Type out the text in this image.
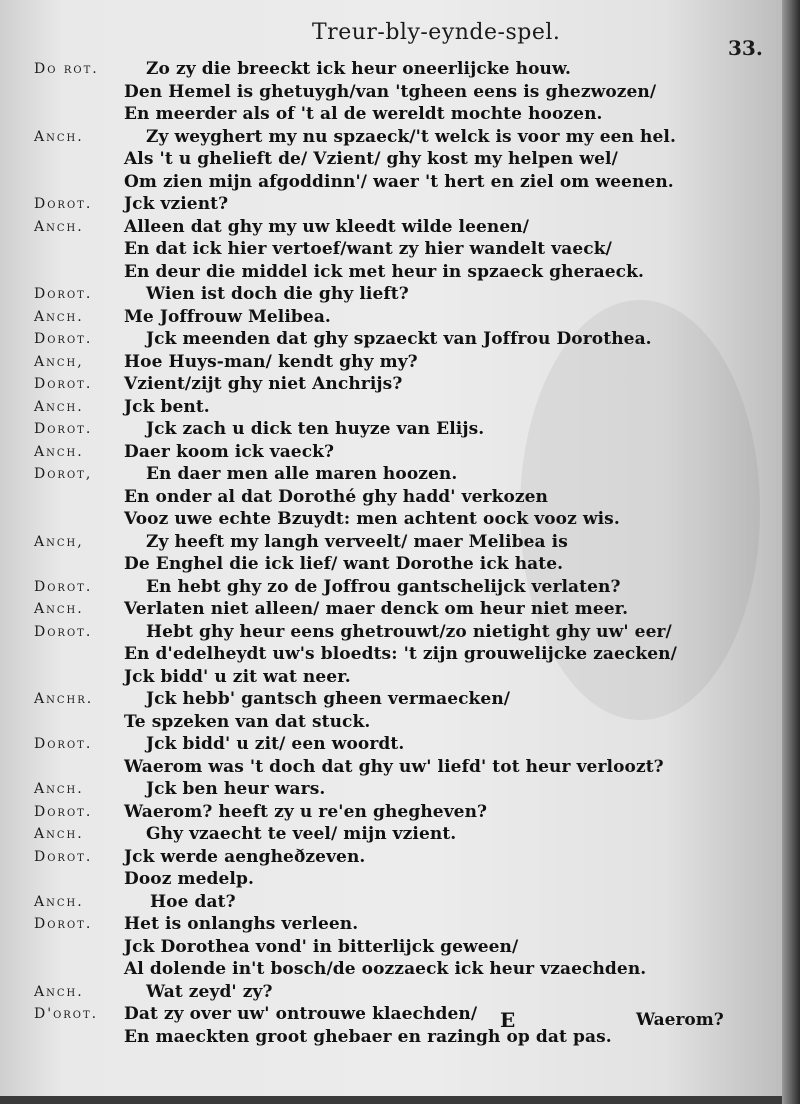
Treur-bly-eynde-spel.
33.
Do rot.	Zo zy die breeckt ick heur oneerlijcke houw.
Den Hemel is ghetuygh/van 'tgheen eens is ghezwozen/
En meerder als of 't al de wereldt mochte hoozen.
Anch.	Zy weyghert my nu spzaeck/'t welck is voor my een hel.
Als 't u ghelieft de/ Vzient/ ghy kost my helpen wel/
Om zien mijn afgoddinn'/ waer 't hert en ziel om weenen.
Dorot. Jck vzient?
Anch. Alleen dat ghy my uw kleedt wilde leenen/
En dat ick hier vertoef/want zy hier wandelt vaeck/
En deur die middel ick met heur in spzaeck gheraeck.
Dorot.	Wien ist doch die ghy lieft?
Anch. Me Joffrouw Melibea.
Dorot.	Jck meenden dat ghy spzaeckt van Joffrou Dorothea.
Anch, Hoe Huys-man/ kendt ghy my?
Dorot. Vzient/zijt ghy niet Anchrijs?
Anch. Jck bent.
Dorot.	Jck zach u dick ten huyze van Elijs.
Anch. Daer koom ick vaeck?
Dorot,	En daer men alle maren hoozen.
En onder al dat Dorothé ghy hadd' verkozen
Vooz uwe echte Bzuydt: men achtent oock vooz wis.
Anch,	Zy heeft my langh verveelt/ maer Melibea is
De Enghel die ick lief/ want Dorothe ick hate.
Dorot.	En hebt ghy zo de Joffrou gantschelijck verlaten?
Anch. Verlaten niet alleen/ maer denck om heur niet meer.
Dorot.	Hebt ghy heur eens ghetrouwt/zo nietight ghy uw' eer/
En d'edelheydt uw's bloedts: 't zijn grouwelijcke zaecken/
Jck bidd' u zit wat neer.
Anchr.	Jck hebb' gantsch gheen vermaecken/
Te spzeken van dat stuck.
Dorot.	Jck bidd' u zit/ een woordt.
Waerom was 't doch dat ghy uw' liefd' tot heur verloozt?
Anch.	Jck ben heur wars.
Dorot. Waerom? heeft zy u re'en ghegheven?
Anch.	Ghy vzaecht te veel/ mijn vzient.
Dorot. Jck werde aengheðzeven.
Dooz medelp.
Anch.	Hoe dat?
Dorot. Het is onlanghs verleen.
Jck Dorothea vond' in bitterlijck geween/
Al dolende in't bosch/de oozzaeck ick heur vzaechden.
Anch.	Wat zeyd' zy?
D'orot. Dat zy over uw' ontrouwe klaechden/
En maeckten groot ghebaer en razingh op dat pas.
E	Waerom?
